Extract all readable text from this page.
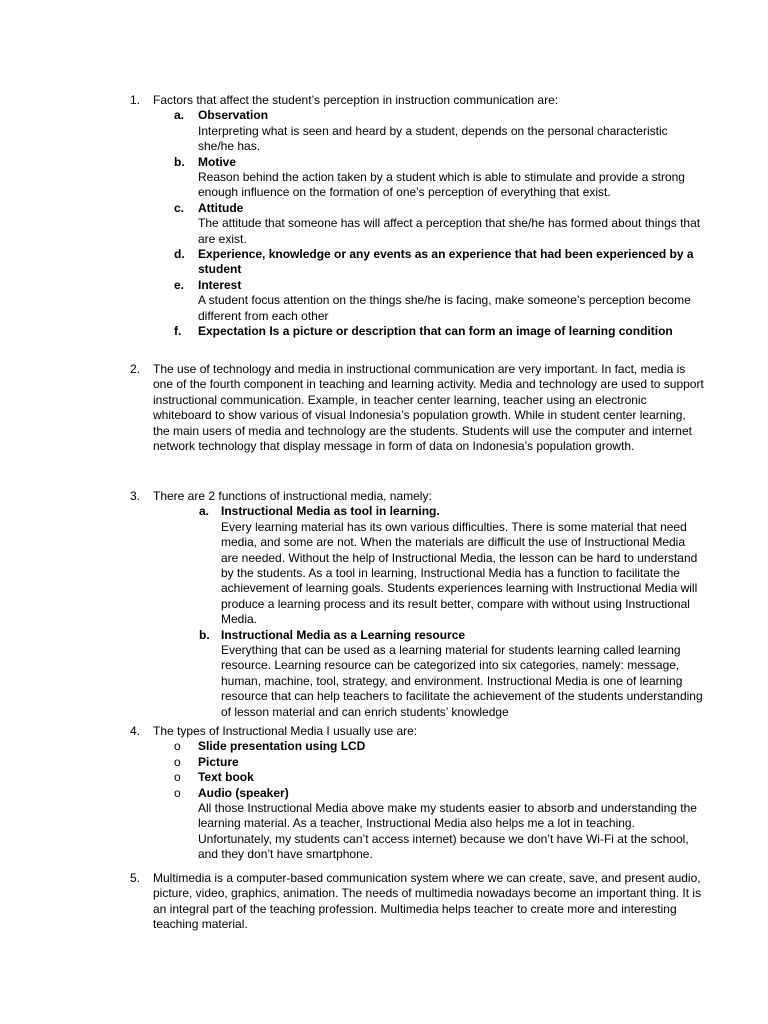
1.	Factors that affect the student’s perception in instruction communication are:

a. Observation

Interpreting what is seen and heard by a student, depends on the personal characteristic she/he has.

b. Motive

Reason behind the action taken by a student which is able to stimulate and provide a strong enough influence on the formation of one’s perception of everything that exist.

c. Attitude

The attitude that someone has will affect a perception that she/he has formed about things that are exist.

d. Experience, knowledge or any events as an experience that had been experienced by a student

e. Interest

A student focus attention on the things she/he is facing, make someone’s perception become different from each other

f. Expectation Is a picture or description that can form an image of learning condition

2.	The use of technology and media in instructional communication are very important. In fact, media is one of the fourth component in teaching and learning activity. Media and technology are used to support instructional communication. Example, in teacher center learning, teacher using an electronic whiteboard to show various of visual Indonesia’s population growth. While in student center learning, the main users of media and technology are the students. Students will use the computer and internet network technology that display message in form of data on Indonesia’s population growth.

3.	There are 2 functions of instructional media, namely:

a. Instructional Media as tool in learning.

Every learning material has its own various difficulties. There is some material that need media, and some are not. When the materials are difficult the use of Instructional Media are needed. Without the help of Instructional Media, the lesson can be hard to understand by the students. As a tool in learning, Instructional Media has a function to facilitate the achievement of learning goals. Students experiences learning with Instructional Media will produce a learning process and its result better, compare with without using Instructional Media.

b. Instructional Media as a Learning resource

Everything that can be used as a learning material for students learning called learning resource. Learning resource can be categorized into six categories, namely: message, human, machine, tool, strategy, and environment. Instructional Media is one of learning resource that can help teachers to facilitate the achievement of the students understanding of lesson material and can enrich students’ knowledge

4.	The types of Instructional Media I usually use are:

o Slide presentation using LCD
o Picture
o Text book
o Audio (speaker)

All those Instructional Media above make my students easier to absorb and understanding the learning material. As a teacher, Instructional Media also helps me a lot in teaching. Unfortunately, my students can’t access internet) because we don’t have Wi-Fi at the school, and they don’t have smartphone.

5.	Multimedia is a computer-based communication system where we can create, save, and present audio, picture, video, graphics, animation. The needs of multimedia nowadays become an important thing. It is an integral part of the teaching profession. Multimedia helps teacher to create more and interesting teaching material.
